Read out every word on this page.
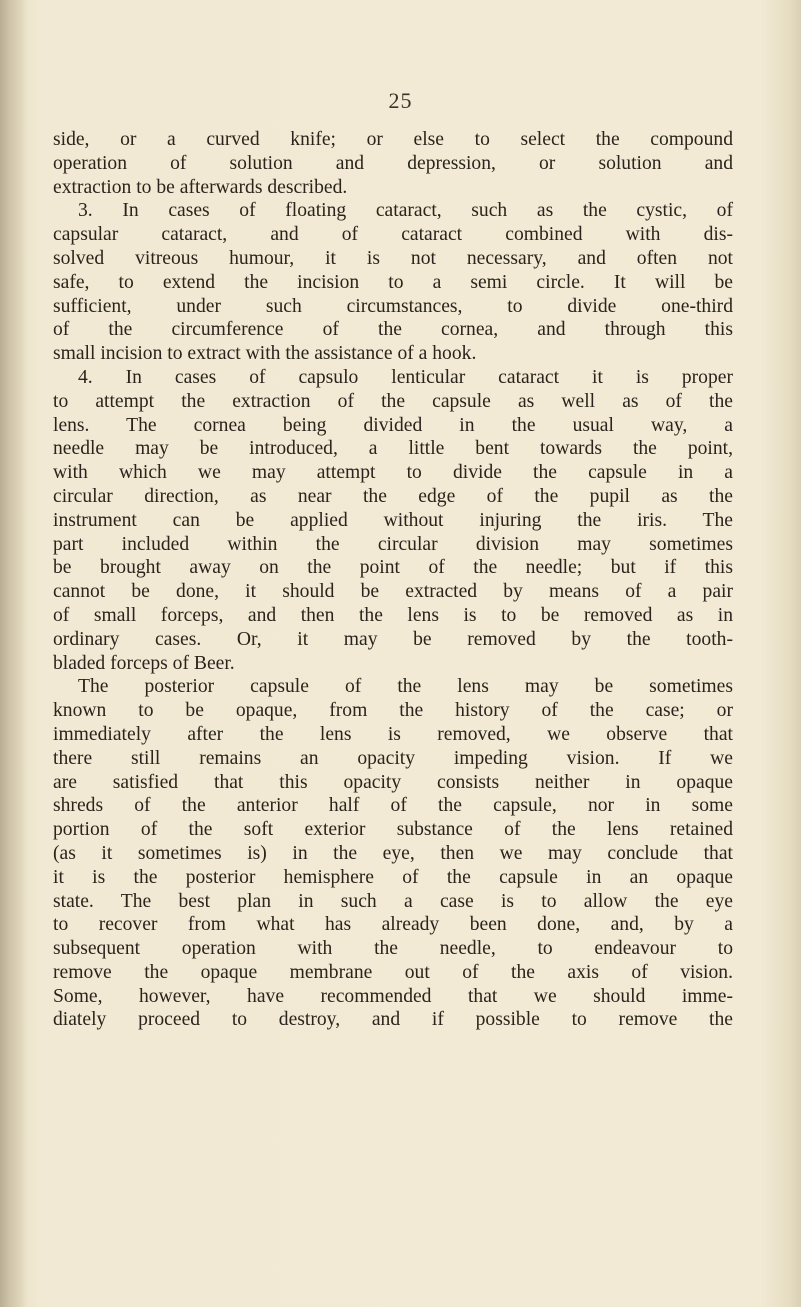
25
side, or a curved knife; or else to select the compound
operation of solution and depression, or solution and
extraction to be afterwards described.
3. In cases of floating cataract, such as the cystic, of
capsular cataract, and of cataract combined with dis-
solved vitreous humour, it is not necessary, and often not
safe, to extend the incision to a semi circle. It will be
sufficient, under such circumstances, to divide one-third
of the circumference of the cornea, and through this
small incision to extract with the assistance of a hook.
4. In cases of capsulo lenticular cataract it is proper
to attempt the extraction of the capsule as well as of the
lens. The cornea being divided in the usual way, a
needle may be introduced, a little bent towards the point,
with which we may attempt to divide the capsule in a
circular direction, as near the edge of the pupil as the
instrument can be applied without injuring the iris. The
part included within the circular division may sometimes
be brought away on the point of the needle; but if this
cannot be done, it should be extracted by means of a pair
of small forceps, and then the lens is to be removed as in
ordinary cases. Or, it may be removed by the tooth-
bladed forceps of Beer.
The posterior capsule of the lens may be sometimes
known to be opaque, from the history of the case; or
immediately after the lens is removed, we observe that
there still remains an opacity impeding vision. If we
are satisfied that this opacity consists neither in opaque
shreds of the anterior half of the capsule, nor in some
portion of the soft exterior substance of the lens retained
(as it sometimes is) in the eye, then we may conclude that
it is the posterior hemisphere of the capsule in an opaque
state. The best plan in such a case is to allow the eye
to recover from what has already been done, and, by a
subsequent operation with the needle, to endeavour to
remove the opaque membrane out of the axis of vision.
Some, however, have recommended that we should imme-
diately proceed to destroy, and if possible to remove the
